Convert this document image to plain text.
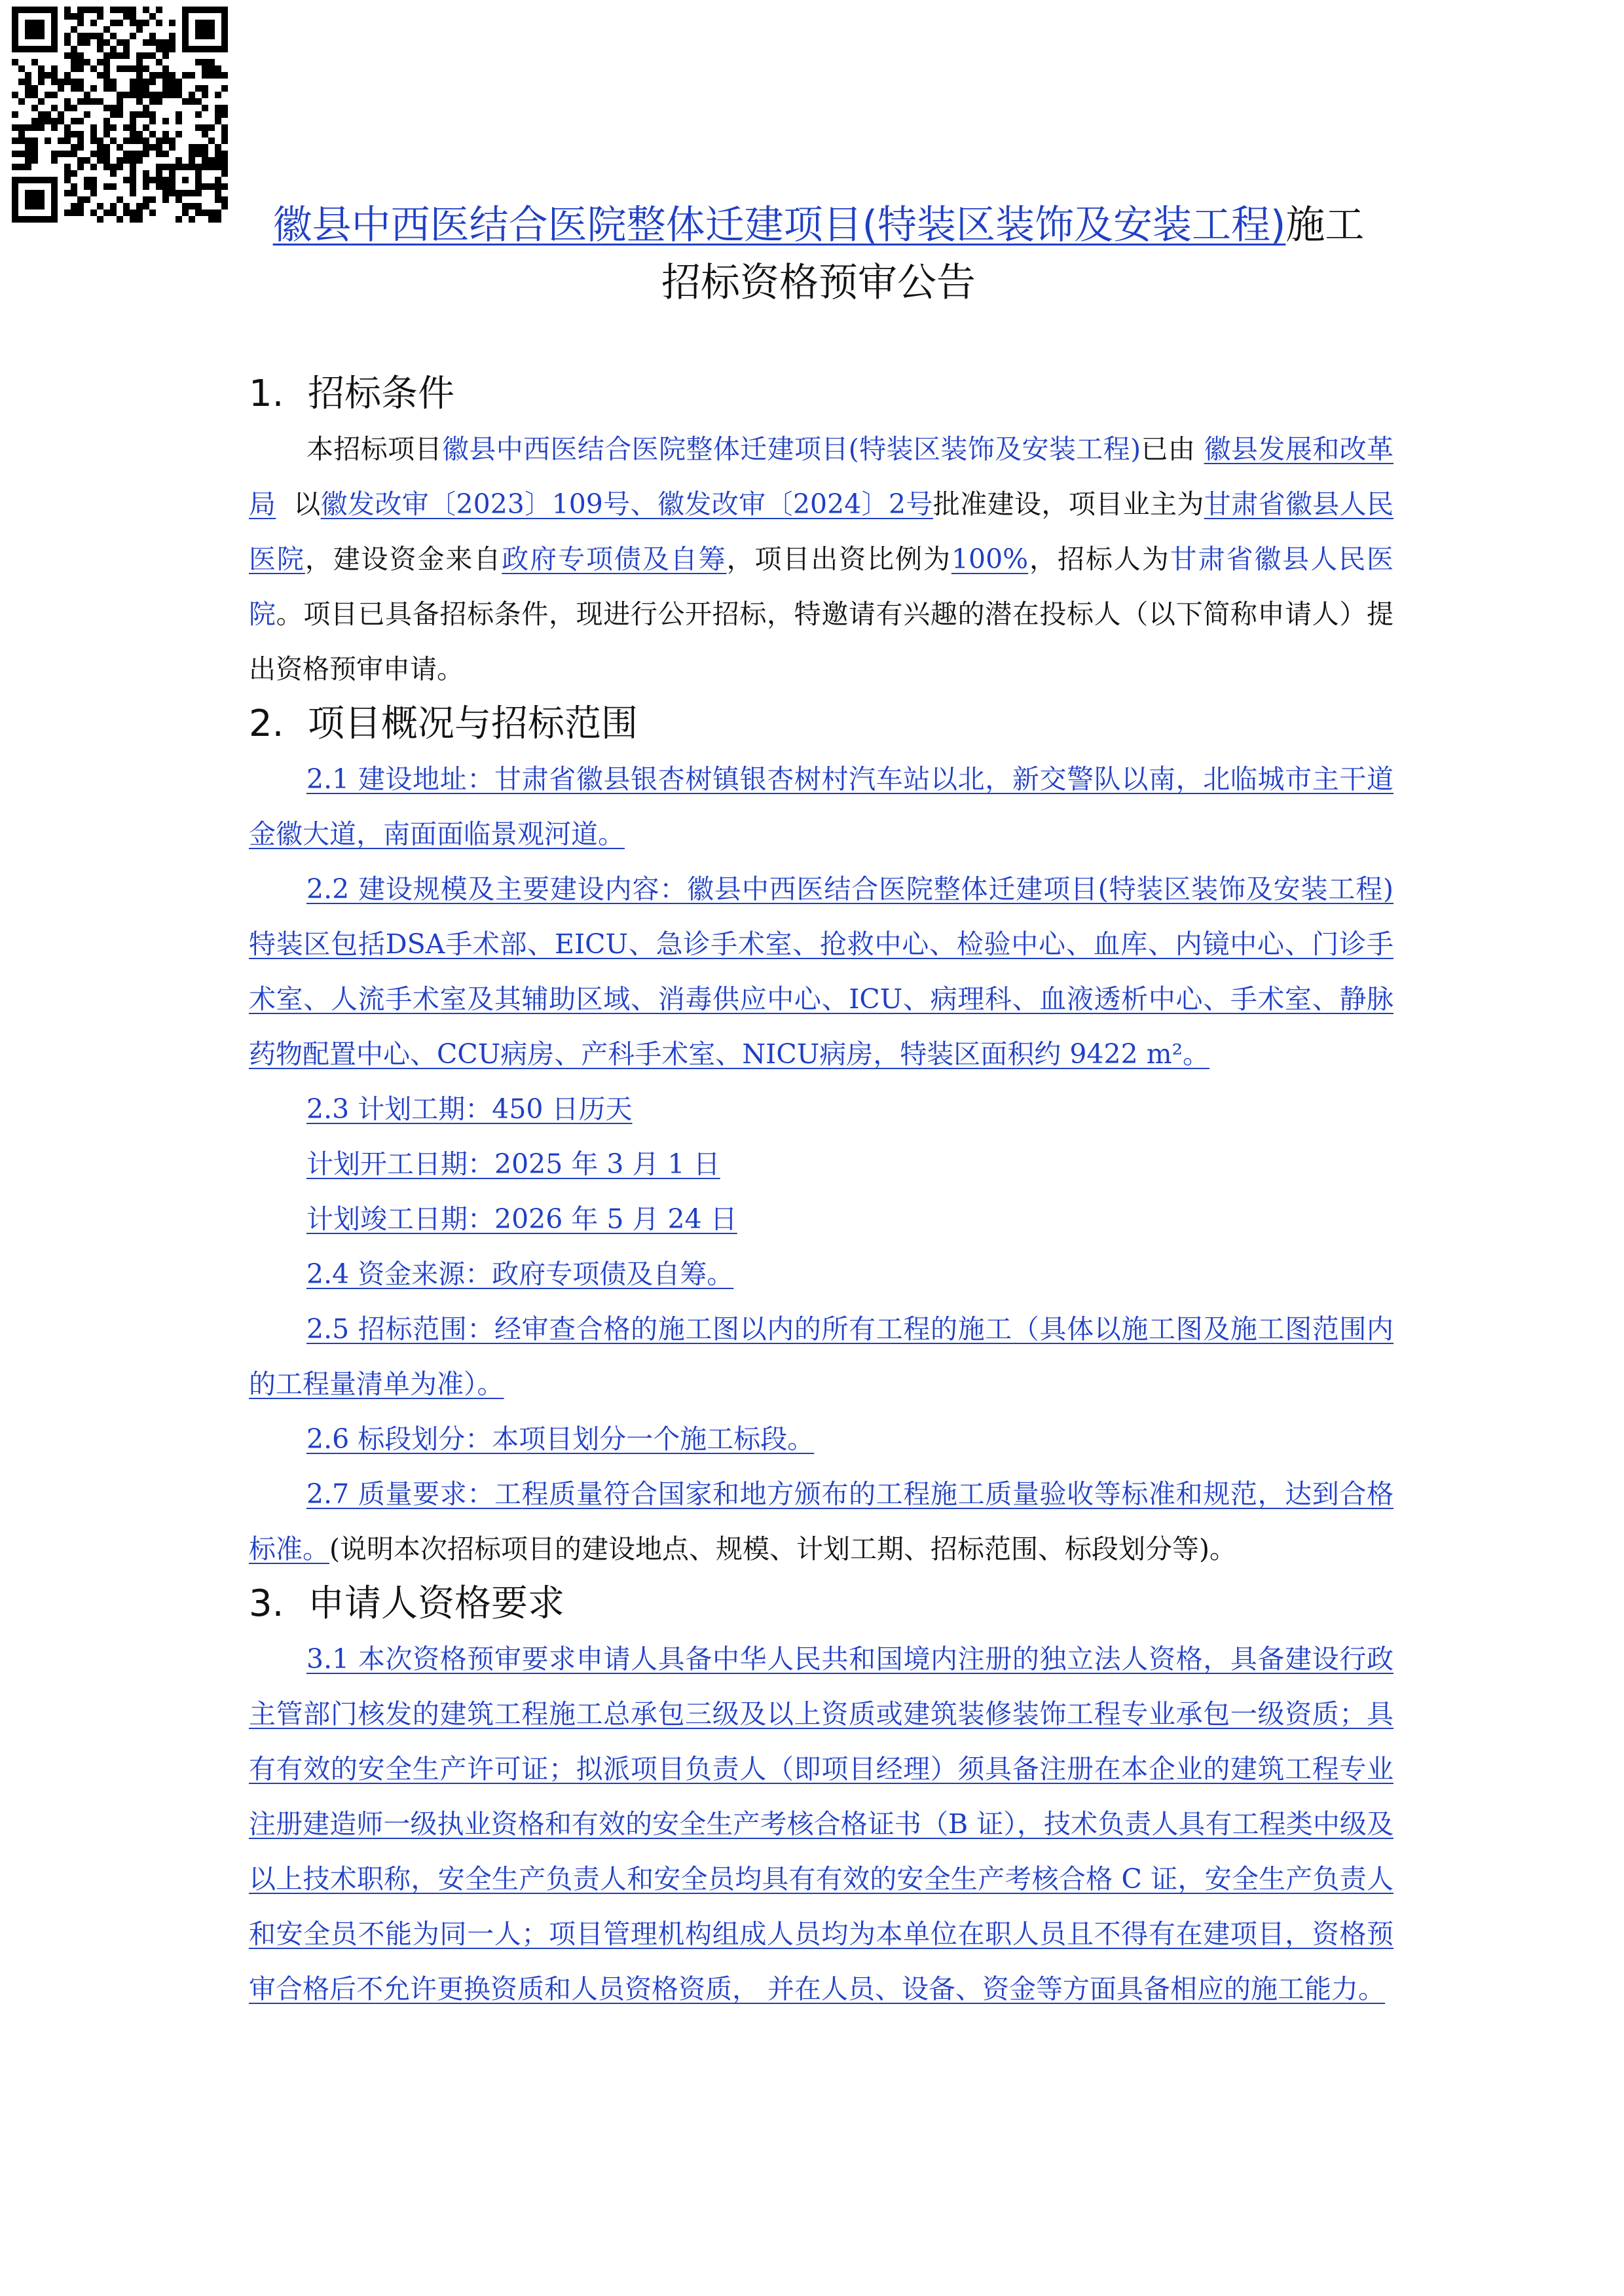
徽县中西医结合医院整体迁建项目(特装区装饰及安装工程)施工招标资格预审公告
1. 招标条件

本招标项目徽县中西医结合医院整体迁建项目(特装区装饰及安装工程)已由 徽县发展和改革局 以徽发改审〔2023〕109号、徽发改审〔2024〕2号批准建设，项目业主为甘肃省徽县人民医院，建设资金来自政府专项债及自筹，项目出资比例为100%，招标人为甘肃省徽县人民医院。项目已具备招标条件，现进行公开招标，特邀请有兴趣的潜在投标人（以下简称申请人）提出资格预审申请。

2. 项目概况与招标范围

2.1 建设地址：甘肃省徽县银杏树镇银杏树村汽车站以北，新交警队以南，北临城市主干道金徽大道，南面面临景观河道。

2.2 建设规模及主要建设内容：徽县中西医结合医院整体迁建项目(特装区装饰及安装工程)特装区包括DSA手术部、EICU、急诊手术室、抢救中心、检验中心、血库、内镜中心、门诊手术室、人流手术室及其辅助区域、消毒供应中心、ICU、病理科、血液透析中心、手术室、静脉药物配置中心、CCU病房、产科手术室、NICU病房，特装区面积约 9422 m²。

2.3 计划工期：450 日历天

计划开工日期：2025 年 3 月 1 日

计划竣工日期：2026 年 5 月 24 日

2.4 资金来源：政府专项债及自筹。

2.5 招标范围：经审查合格的施工图以内的所有工程的施工（具体以施工图及施工图范围内的工程量清单为准）。

2.6 标段划分：本项目划分一个施工标段。

2.7 质量要求：工程质量符合国家和地方颁布的工程施工质量验收等标准和规范，达到合格标准。(说明本次招标项目的建设地点、规模、计划工期、招标范围、标段划分等)。

3. 申请人资格要求

3.1 本次资格预审要求申请人具备中华人民共和国境内注册的独立法人资格，具备建设行政主管部门核发的建筑工程施工总承包三级及以上资质或建筑装修装饰工程专业承包一级资质；具有有效的安全生产许可证；拟派项目负责人（即项目经理）须具备注册在本企业的建筑工程专业注册建造师一级执业资格和有效的安全生产考核合格证书（B 证），技术负责人具有工程类中级及以上技术职称，安全生产负责人和安全员均具有有效的安全生产考核合格 C 证，安全生产负责人和安全员不能为同一人；项目管理机构组成人员均为本单位在职人员且不得有在建项目，资格预审合格后不允许更换资质和人员资格资质， 并在人员、设备、资金等方面具备相应的施工能力。
